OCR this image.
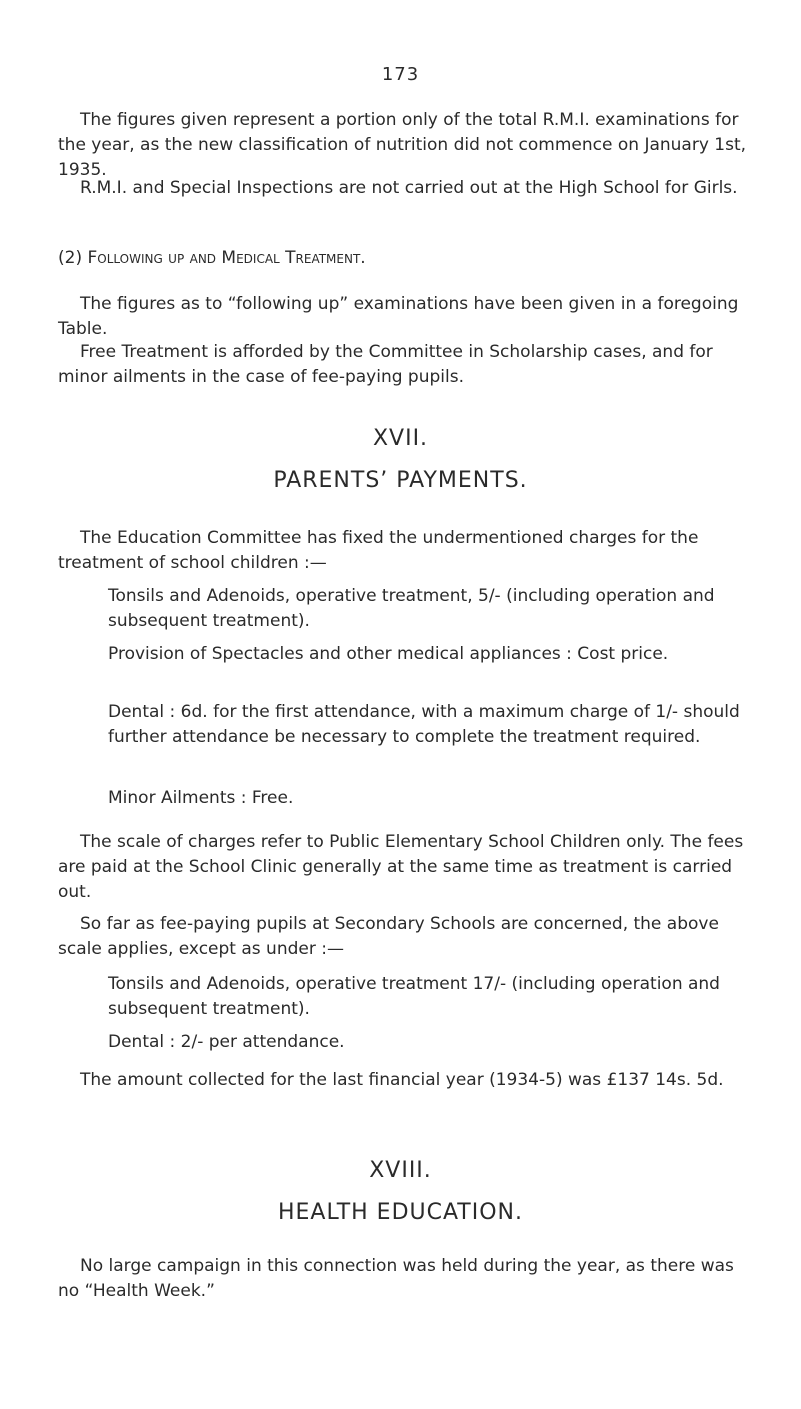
173

The figures given represent a portion only of the total R.M.I. examinations for the year, as the new classification of nutrition did not commence on January 1st, 1935.

R.M.I. and Special Inspections are not carried out at the High School for Girls.

(2) Following up and Medical Treatment.

The figures as to “following up” examinations have been given in a foregoing Table.

Free Treatment is afforded by the Committee in Scholarship cases, and for minor ailments in the case of fee-paying pupils.

XVII.
PARENTS’ PAYMENTS.

The Education Committee has fixed the undermentioned charges for the treatment of school children :—

Tonsils and Adenoids, operative treatment, 5/- (including operation and subsequent treatment).

Provision of Spectacles and other medical appliances : Cost price.

Dental : 6d. for the first attendance, with a maximum charge of 1/- should further attendance be necessary to complete the treatment required.

Minor Ailments : Free.

The scale of charges refer to Public Elementary School Children only. The fees are paid at the School Clinic generally at the same time as treatment is carried out.

So far as fee-paying pupils at Secondary Schools are concerned, the above scale applies, except as under :—

Tonsils and Adenoids, operative treatment 17/- (including operation and subsequent treatment).

Dental : 2/- per attendance.

The amount collected for the last financial year (1934-5) was £137 14s. 5d.

XVIII.
HEALTH EDUCATION.

No large campaign in this connection was held during the year, as there was no “Health Week.”
